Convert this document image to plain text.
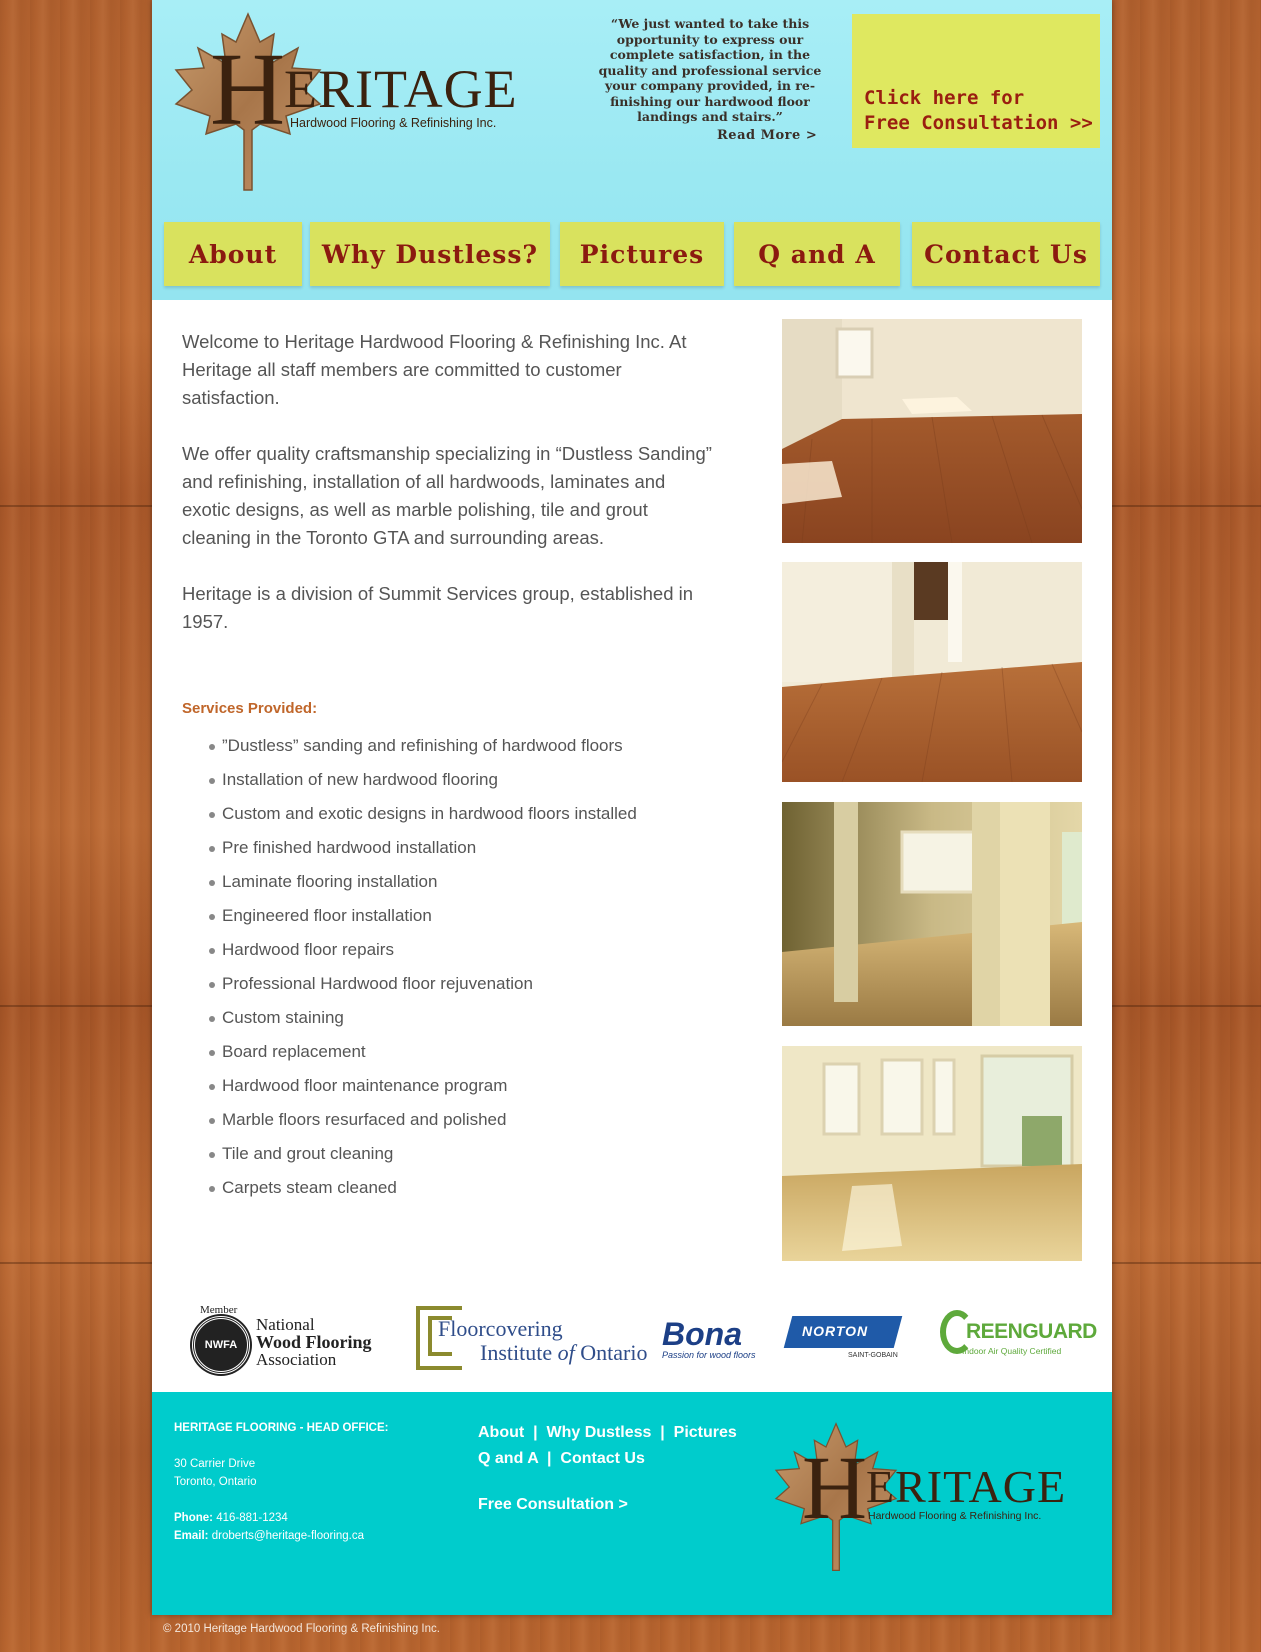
H
ERITAGE
Hardwood Flooring & Refinishing Inc.
“We just wanted to take this opportunity to express our complete satisfaction, in the quality and professional service your company provided, in re-finishing our hardwood floor landings and stairs.”
Read More >
Click here for
Free Consultation >>
About	Why Dustless?	Pictures	Q and A	Contact Us

Welcome to Heritage Hardwood Flooring & Refinishing Inc. At Heritage all staff members are committed to customer satisfaction.

We offer quality craftsmanship specializing in “Dustless Sanding” and refinishing, installation of all hardwoods, laminates and exotic designs, as well as marble polishing, tile and grout cleaning in the Toronto GTA and surrounding areas.

Heritage is a division of Summit Services group, established in 1957.

Services Provided:
”Dustless” sanding and refinishing of hardwood floors
Installation of new hardwood flooring
Custom and exotic designs in hardwood floors installed
Pre finished hardwood installation
Laminate flooring installation
Engineered floor installation
Hardwood floor repairs
Professional Hardwood floor rejuvenation
Custom staining
Board replacement
Hardwood floor maintenance program
Marble floors resurfaced and polished
Tile and grout cleaning
Carpets steam cleaned
Member
NWFA
National
Wood Flooring
Association
Floorcovering
Institute of Ontario
Bona
Passion for wood floors
NORTON
SAINT-GOBAIN
REENGUARD
Indoor Air Quality Certified
HERITAGE FLOORING - HEAD OFFICE:
30 Carrier Drive
Toronto, Ontario
Phone: 416-881-1234
Email: droberts@heritage-flooring.ca
About | Why Dustless | Pictures
Q and A | Contact Us
Free Consultation > H ERITAGE
Hardwood Flooring & Refinishing Inc.
© 2010 Heritage Hardwood Flooring & Refinishing Inc.
